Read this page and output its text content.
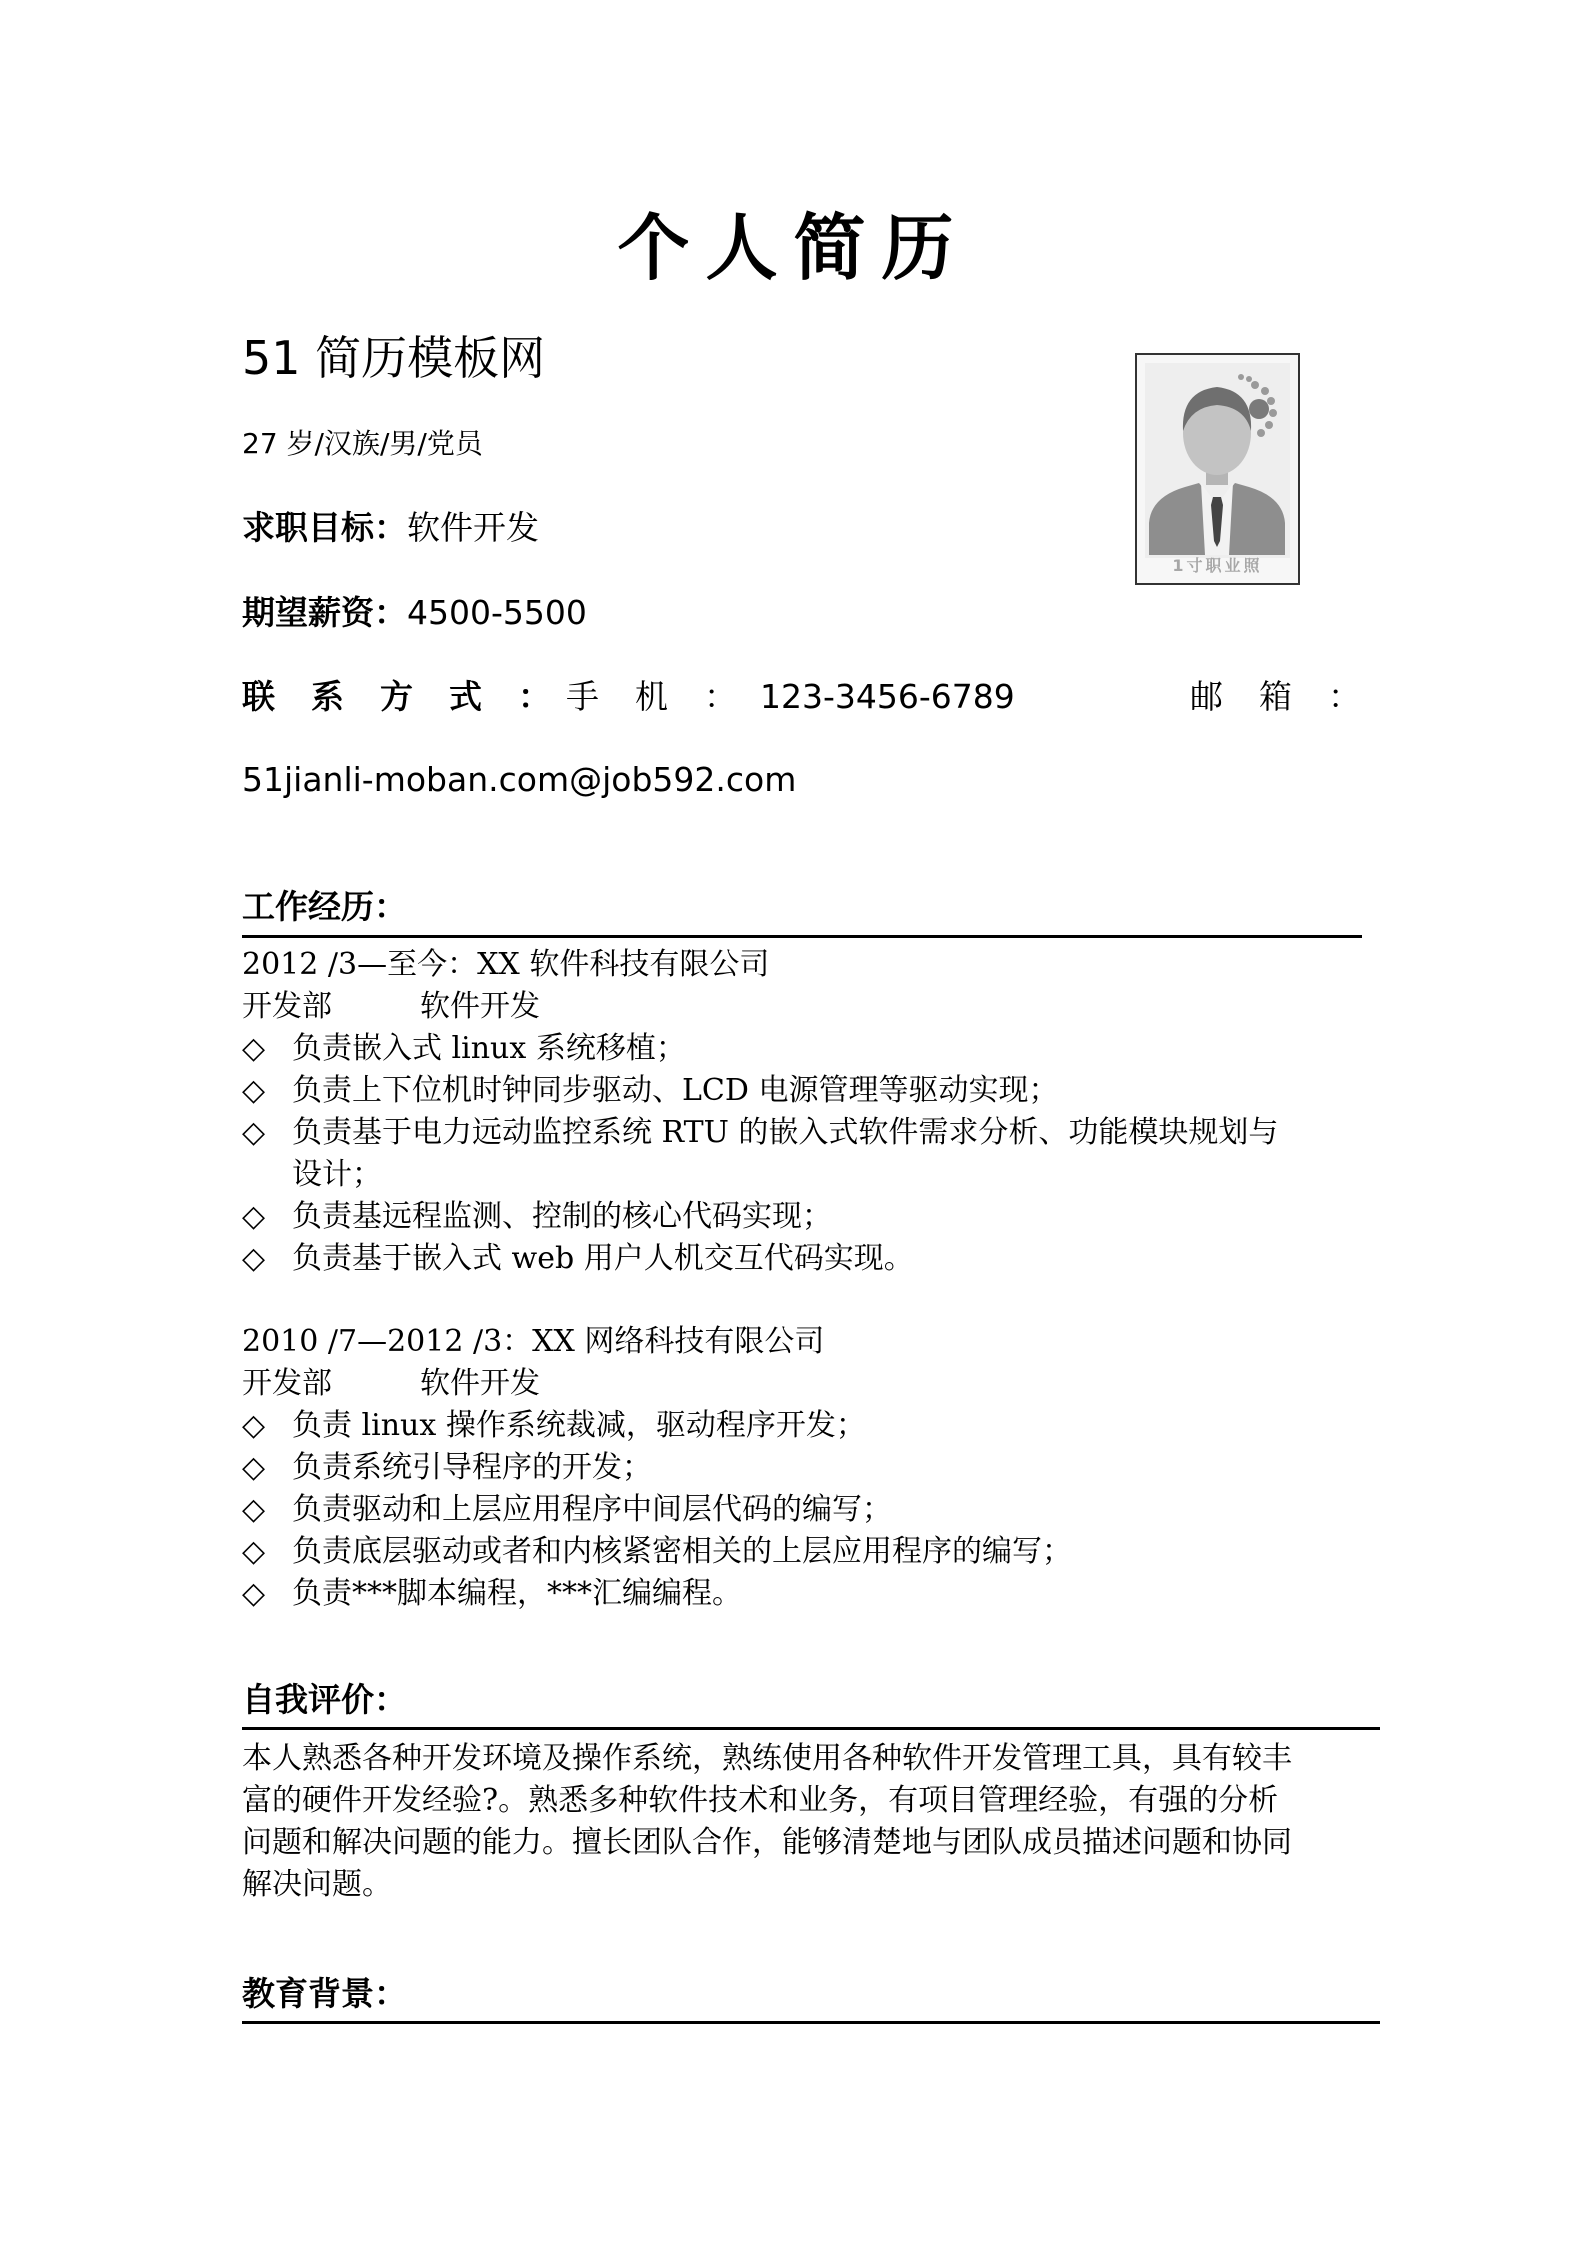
个人简历
51 简历模板网
27 岁/汉族/男/党员
求职目标：软件开发
期望薪资：4500-5500
联系方式：
手机：
123-3456-6789	邮箱：
51jianli-moban.com@job592.com
1寸职业照
工作经历：
2012 /3—至今：XX 软件科技有限公司
开发部	软件开发
◇ 负责嵌入式 linux 系统移植；
◇ 负责上下位机时钟同步驱动、LCD 电源管理等驱动实现；
◇ 负责基于电力远动监控系统 RTU 的嵌入式软件需求分析、功能模块规划与
设计；
◇ 负责基远程监测、控制的核心代码实现；
◇ 负责基于嵌入式 web 用户人机交互代码实现。
2010 /7—2012 /3：XX 网络科技有限公司
开发部	软件开发
◇ 负责 linux 操作系统裁减，驱动程序开发；
◇ 负责系统引导程序的开发；
◇ 负责驱动和上层应用程序中间层代码的编写；
◇ 负责底层驱动或者和内核紧密相关的上层应用程序的编写；
◇ 负责***脚本编程，***汇编编程。
自我评价：
本人熟悉各种开发环境及操作系统，熟练使用各种软件开发管理工具，具有较丰
富的硬件开发经验?。熟悉多种软件技术和业务，有项目管理经验，有强的分析
问题和解决问题的能力。擅长团队合作，能够清楚地与团队成员描述问题和协同
解决问题。
教育背景：
